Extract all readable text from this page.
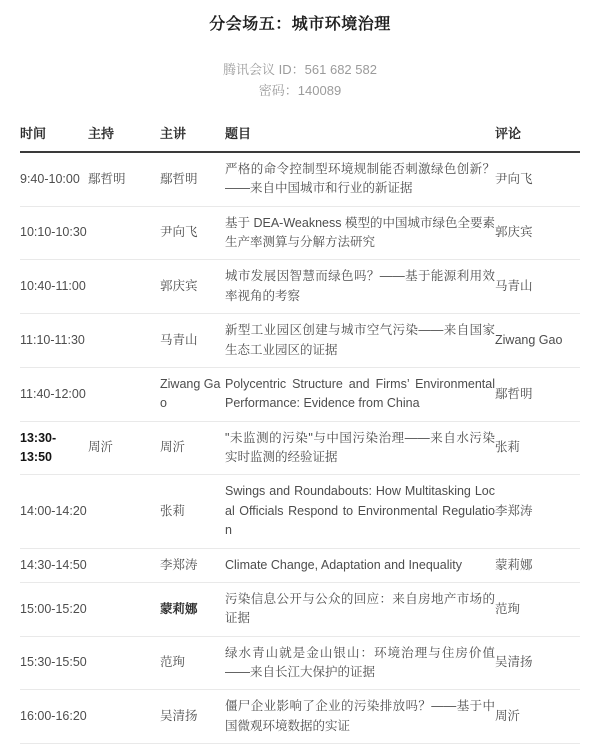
分会场五：城市环境治理
腾讯会议 ID：561 682 582
密码：140089
时间	主持	主讲	题目	评论
9:40-10:00	鄢哲明	鄢哲明	严格的命令控制型环境规制能否刺激绿色创新？——来自中国城市和行业的新证据	尹向飞
10:10-10:30		尹向飞	基于 DEA-Weakness 模型的中国城市绿色全要素生产率测算与分解方法研究	郭庆宾
10:40-11:00		郭庆宾	城市发展因智慧而绿色吗？——基于能源利用效率视角的考察	马青山
11:10-11:30		马青山	新型工业园区创建与城市空气污染——来自国家生态工业园区的证据	Ziwang Gao
11:40-12:00		Ziwang Gao	Polycentric Structure and Firms’ Environmental Performance: Evidence from China	鄢哲明
13:30-13:50	周沂	周沂	"未监测的污染"与中国污染治理——来自水污染实时监测的经验证据	张莉
14:00-14:20		张莉	Swings and Roundabouts: How Multitasking Local Officials Respond to Environmental Regulation	李郑涛
14:30-14:50		李郑涛	Climate Change, Adaptation and Inequality	蒙莉娜
15:00-15:20		蒙莉娜	污染信息公开与公众的回应：来自房地产市场的证据	范珣
15:30-15:50		范珣	绿水青山就是金山银山：环境治理与住房价值——来自长江大保护的证据	吴清扬
16:00-16:20		吴清扬	僵尸企业影响了企业的污染排放吗？——基于中国微观环境数据的实证	周沂
